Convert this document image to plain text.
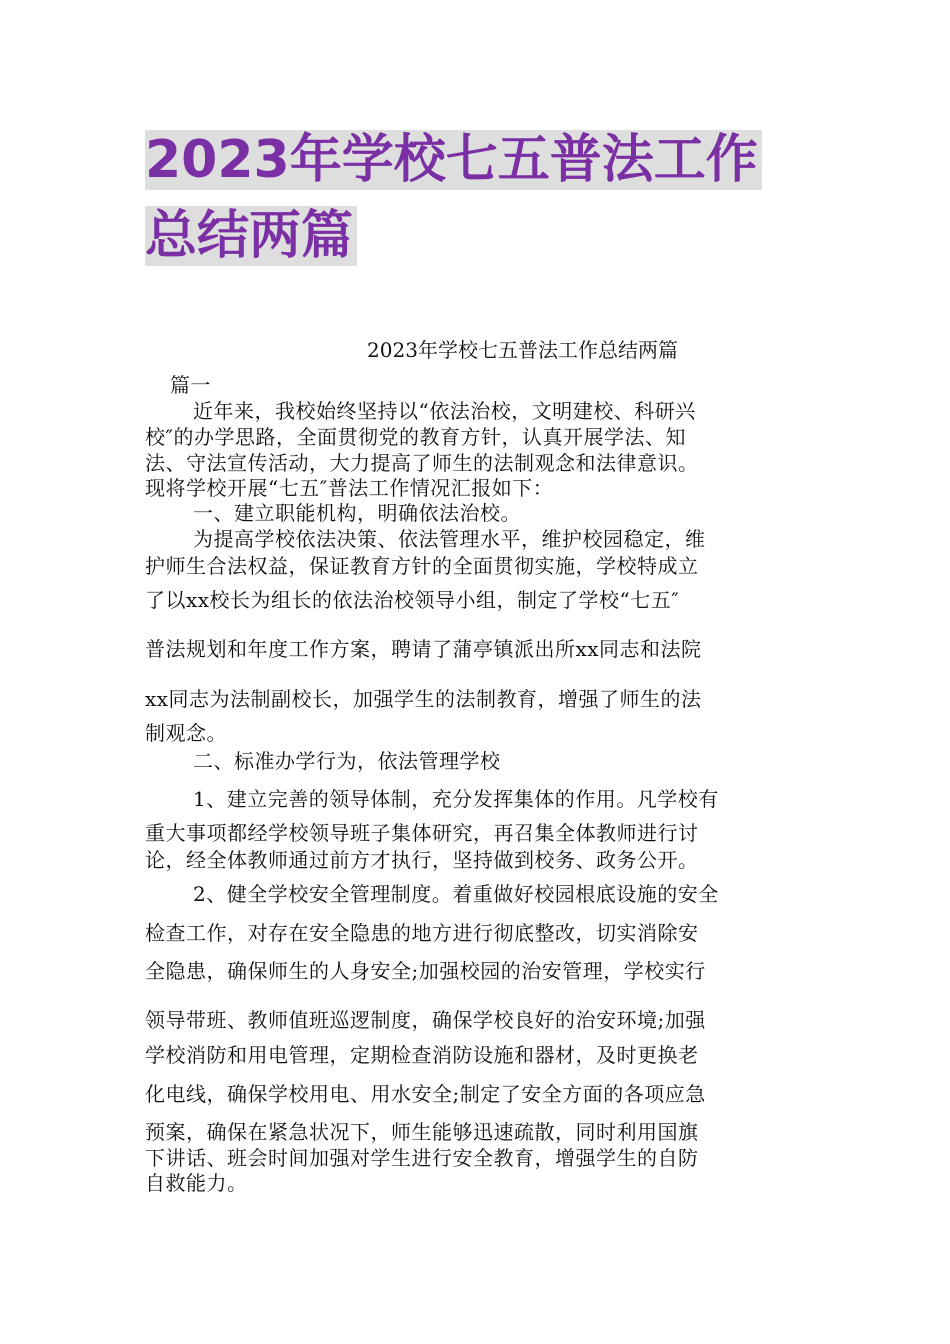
2023年学校七五普法工作
总结两篇
2023年学校七五普法工作总结两篇
篇一
近年来，我校始终坚持以“依法治校，文明建校、科研兴
校″的办学思路，全面贯彻党的教育方针，认真开展学法、知
法、守法宣传活动，大力提高了师生的法制观念和法律意识。
现将学校开展“七五″普法工作情况汇报如下：
一、建立职能机构，明确依法治校。
为提高学校依法决策、依法管理水平，维护校园稳定，维
护师生合法权益，保证教育方针的全面贯彻实施，学校特成立
了以xx校长为组长的依法治校领导小组，制定了学校“七五″
普法规划和年度工作方案，聘请了蒲亭镇派出所xx同志和法院
xx同志为法制副校长，加强学生的法制教育，增强了师生的法
制观念。
二、标准办学行为，依法管理学校
1、建立完善的领导体制，充分发挥集体的作用。凡学校有
重大事项都经学校领导班子集体研究，再召集全体教师进行讨
论，经全体教师通过前方才执行，坚持做到校务、政务公开。
2、健全学校安全管理制度。着重做好校园根底设施的安全
检查工作，对存在安全隐患的地方进行彻底整改，切实消除安
全隐患，确保师生的人身安全;加强校园的治安管理，学校实行
领导带班、教师值班巡逻制度，确保学校良好的治安环境;加强
学校消防和用电管理，定期检查消防设施和器材，及时更换老
化电线，确保学校用电、用水安全;制定了安全方面的各项应急
预案，确保在紧急状况下，师生能够迅速疏散，同时利用国旗
下讲话、班会时间加强对学生进行安全教育，增强学生的自防
自救能力。
